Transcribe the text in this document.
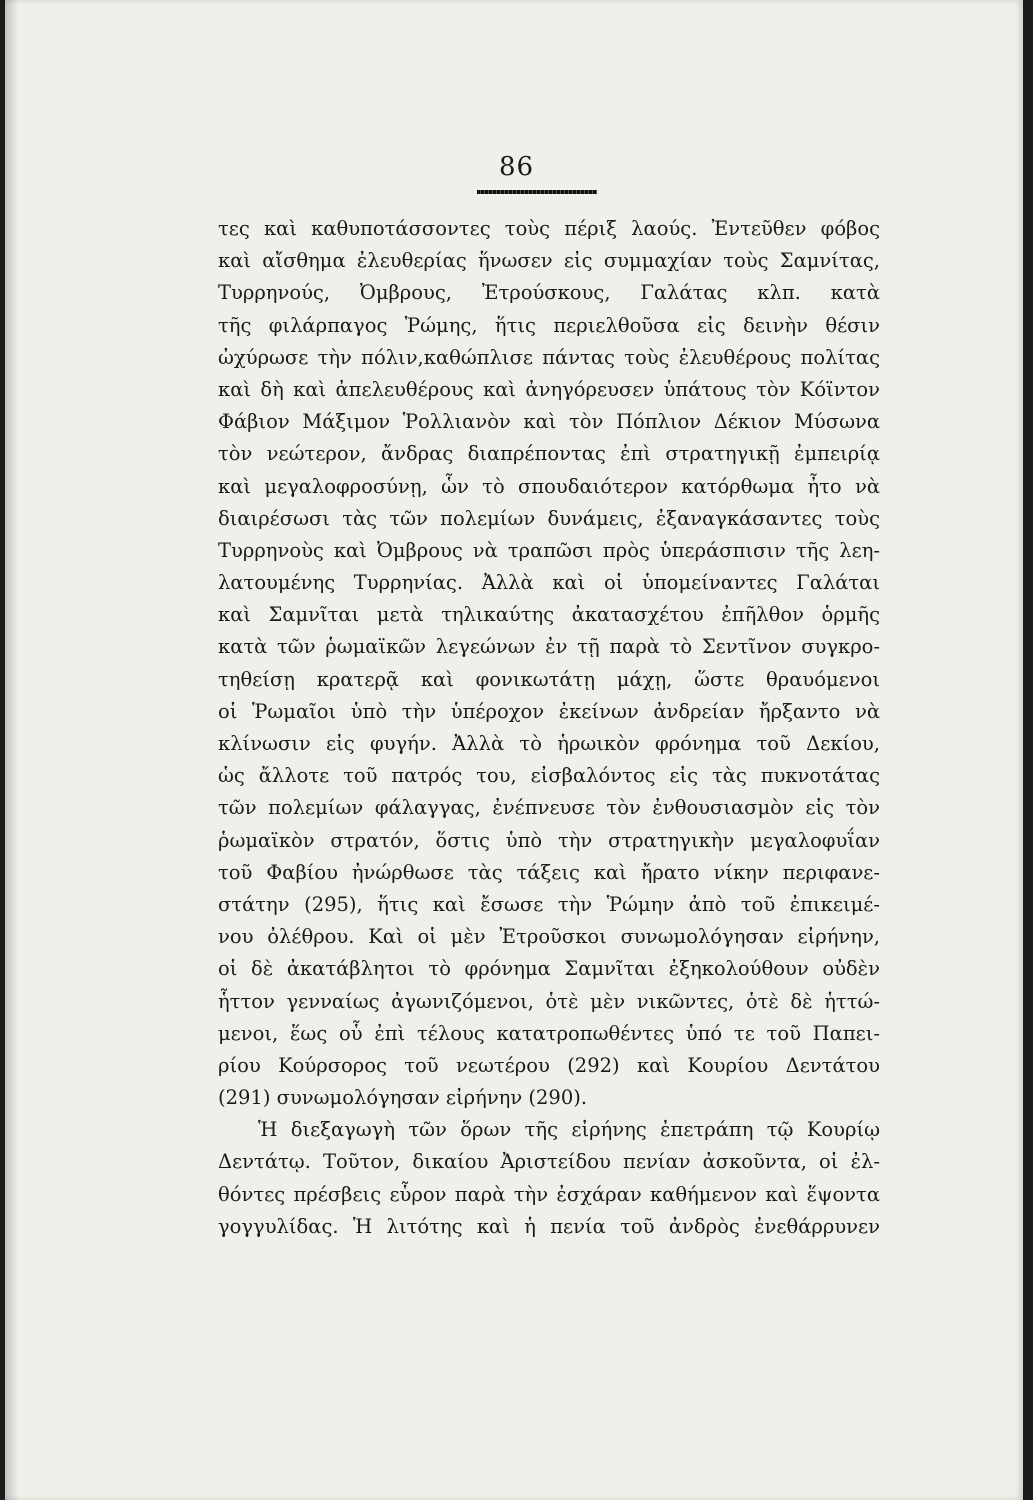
86
τες καὶ καθυποτάσσοντες τοὺς πέριξ λαούς. Ἐντεῦθεν φόβος
καὶ αἴσθημα ἐλευθερίας ἥνωσεν εἰς συμμαχίαν τοὺς Σαμνίτας,
Τυρρηνούς, Ὀμβρους, Ἐτρούσκους, Γαλάτας κλπ. κατὰ
τῆς φιλάρπαγος Ῥώμης, ἥτις περιελθοῦσα εἰς δεινὴν θέσιν
ὠχύρωσε τὴν πόλιν,καθώπλισε πάντας τοὺς ἐλευθέρους πολίτας
καὶ δὴ καὶ ἀπελευθέρους καὶ ἀνηγόρευσεν ὑπάτους τὸν Κόϊντον
Φάβιον Μάξιμον Ῥολλιανὸν καὶ τὸν Πόπλιον Δέκιον Μύσωνα
τὸν νεώτερον, ἄνδρας διαπρέποντας ἐπὶ στρατηγικῇ ἐμπειρίᾳ
καὶ μεγαλοφροσύνῃ, ὧν τὸ σπουδαιότερον κατόρθωμα ἦτο νὰ
διαιρέσωσι τὰς τῶν πολεμίων δυνάμεις, ἐξαναγκάσαντες τοὺς
Τυρρηνοὺς καὶ Ὀμβρους νὰ τραπῶσι πρὸς ὑπεράσπισιν τῆς λεη-
λατουμένης Τυρρηνίας. Ἀλλὰ καὶ οἱ ὑπομείναντες Γαλάται
καὶ Σαμνῖται μετὰ τηλικαύτης ἀκατασχέτου ἐπῆλθον ὁρμῆς
κατὰ τῶν ῥωμαϊκῶν λεγεώνων ἐν τῇ παρὰ τὸ Σεντῖνον συγκρο-
τηθείσῃ κρατερᾷ καὶ φονικωτάτῃ μάχῃ, ὥστε θραυόμενοι
οἱ Ῥωμαῖοι ὑπὸ τὴν ὑπέροχον ἐκείνων ἀνδρείαν ἤρξαντο νὰ
κλίνωσιν εἰς φυγήν. Ἀλλὰ τὸ ἡρωικὸν φρόνημα τοῦ Δεκίου,
ὡς ἄλλοτε τοῦ πατρός του, εἰσβαλόντος εἰς τὰς πυκνοτάτας
τῶν πολεμίων φάλαγγας, ἐνέπνευσε τὸν ἐνθουσιασμὸν εἰς τὸν
ῥωμαϊκὸν στρατόν, ὅστις ὑπὸ τὴν στρατηγικὴν μεγαλοφυΐαν
τοῦ Φαβίου ἠνώρθωσε τὰς τάξεις καὶ ἤρατο νίκην περιφανε-
στάτην (295), ἥτις καὶ ἔσωσε τὴν Ῥώμην ἀπὸ τοῦ ἐπικειμέ-
νου ὀλέθρου. Καὶ οἱ μὲν Ἐτροῦσκοι συνωμολόγησαν εἰρήνην,
οἱ δὲ ἀκατάβλητοι τὸ φρόνημα Σαμνῖται ἐξηκολούθουν οὐδὲν
ἧττον γενναίως ἀγωνιζόμενοι, ὁτὲ μὲν νικῶντες, ὁτὲ δὲ ἡττώ-
μενοι, ἕως οὗ ἐπὶ τέλους κατατροπωθέντες ὑπό τε τοῦ Παπει-
ρίου Κούρσορος τοῦ νεωτέρου (292) καὶ Κουρίου Δεντάτου
(291) συνωμολόγησαν εἰρήνην (290).
Ἡ διεξαγωγὴ τῶν ὅρων τῆς εἰρήνης ἐπετράπη τῷ Κουρίῳ
Δεντάτῳ. Τοῦτον, δικαίου Ἀριστείδου πενίαν ἀσκοῦντα, οἱ ἐλ-
θόντες πρέσβεις εὗρον παρὰ τὴν ἐσχάραν καθήμενον καὶ ἕψοντα
γογγυλίδας. Ἡ λιτότης καὶ ἡ πενία τοῦ ἀνδρὸς ἐνεθάρρυνεν
